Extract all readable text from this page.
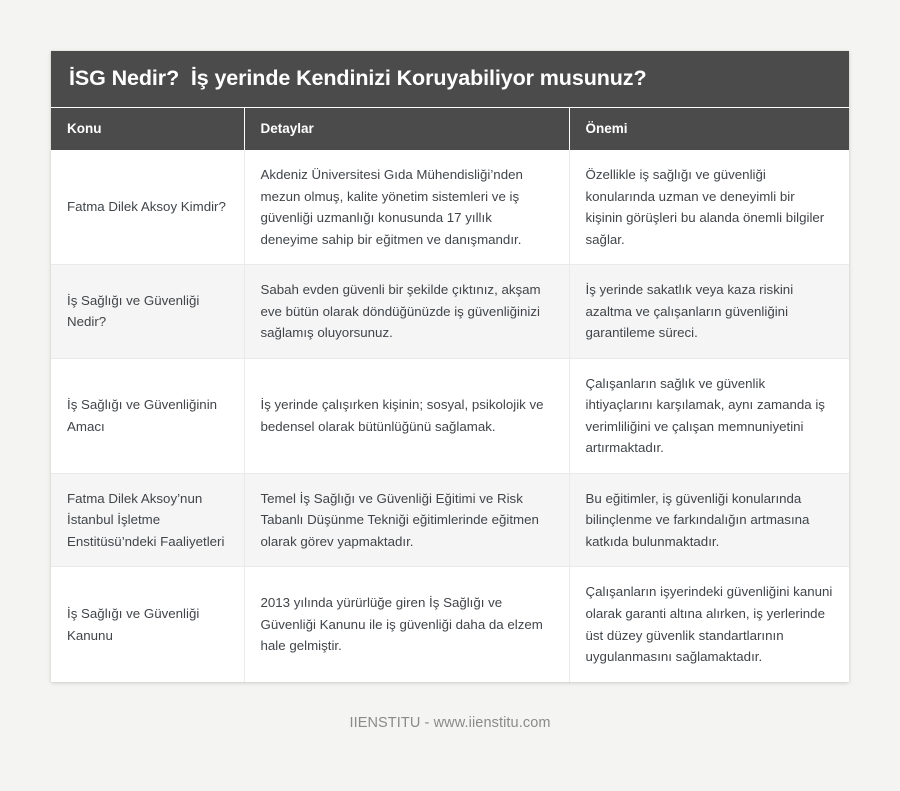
İSG Nedir?  İş yerinde Kendinizi Koruyabiliyor musunuz?
Konu	Detaylar	Önemi
Fatma Dilek Aksoy Kimdir?	Akdeniz Üniversitesi Gıda Mühendisliği’nden mezun olmuş, kalite yönetim sistemleri ve iş güvenliği uzmanlığı konusunda 17 yıllık deneyime sahip bir eğitmen ve danışmandır.	Özellikle iş sağlığı ve güvenliği konularında uzman ve deneyimli bir kişinin görüşleri bu alanda önemli bilgiler sağlar.
İş Sağlığı ve Güvenliği Nedir?	Sabah evden güvenli bir şekilde çıktınız, akşam eve bütün olarak döndüğünüzde iş güvenliğinizi sağlamış oluyorsunuz.	İş yerinde sakatlık veya kaza riskini azaltma ve çalışanların güvenliğini garantileme süreci.
İş Sağlığı ve Güvenliğinin Amacı	İş yerinde çalışırken kişinin; sosyal, psikolojik ve bedensel olarak bütünlüğünü sağlamak.	Çalışanların sağlık ve güvenlik ihtiyaçlarını karşılamak, aynı zamanda iş verimliliğini ve çalışan memnuniyetini artırmaktadır.
Fatma Dilek Aksoy’nun İstanbul İşletme Enstitüsü’ndeki Faaliyetleri	Temel İş Sağlığı ve Güvenliği Eğitimi ve Risk Tabanlı Düşünme Tekniği eğitimlerinde eğitmen olarak görev yapmaktadır.	Bu eğitimler, iş güvenliği konularında bilinçlenme ve farkındalığın artmasına katkıda bulunmaktadır.
İş Sağlığı ve Güvenliği Kanunu	2013 yılında yürürlüğe giren İş Sağlığı ve Güvenliği Kanunu ile iş güvenliği daha da elzem hale gelmiştir.	Çalışanların işyerindeki güvenliğini kanuni olarak garanti altına alırken, iş yerlerinde üst düzey güvenlik standartlarının uygulanmasını sağlamaktadır.
IIENSTITU - www.iienstitu.com
